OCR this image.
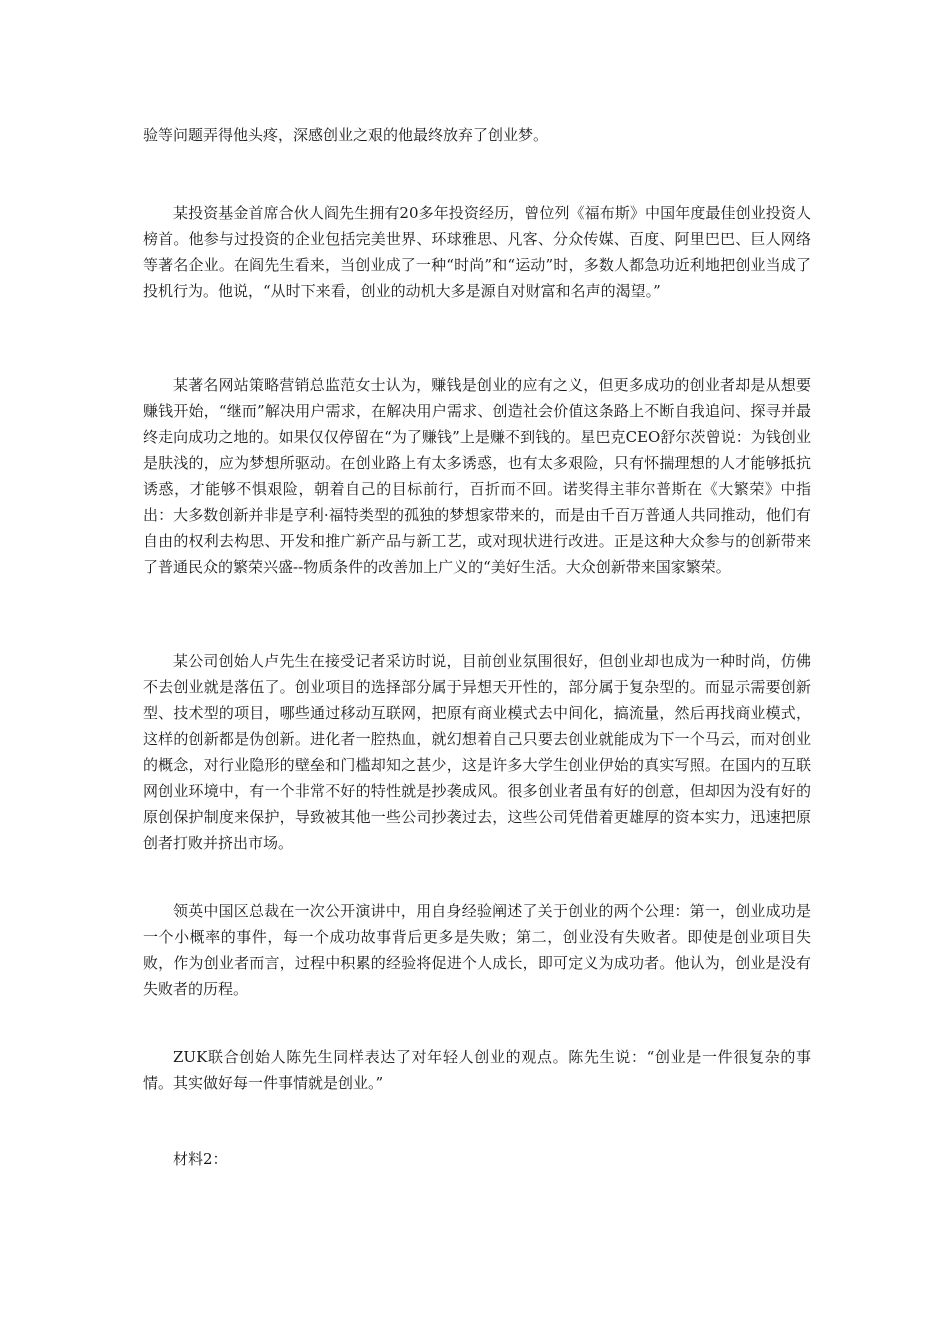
验等问题弄得他头疼，深感创业之艰的他最终放弃了创业梦。

某投资基金首席合伙人阎先生拥有20多年投资经历，曾位列《福布斯》中国年度最佳创业投资人榜首。他参与过投资的企业包括完美世界、环球雅思、凡客、分众传媒、百度、阿里巴巴、巨人网络等著名企业。在阎先生看来，当创业成了一种“时尚”和“运动”时，多数人都急功近利地把创业当成了投机行为。他说，“从时下来看，创业的动机大多是源自对财富和名声的渴望。”

某著名网站策略营销总监范女士认为，赚钱是创业的应有之义，但更多成功的创业者却是从想要赚钱开始，“继而”解决用户需求，在解决用户需求、创造社会价值这条路上不断自我追问、探寻并最终走向成功之地的。如果仅仅停留在“为了赚钱”上是赚不到钱的。星巴克CEO舒尔茨曾说：为钱创业是肤浅的，应为梦想所驱动。在创业路上有太多诱惑，也有太多艰险，只有怀揣理想的人才能够抵抗诱惑，才能够不惧艰险，朝着自己的目标前行，百折而不回。诺奖得主菲尔普斯在《大繁荣》中指出：大多数创新并非是亨利·福特类型的孤独的梦想家带来的，而是由千百万普通人共同推动，他们有自由的权利去构思、开发和推广新产品与新工艺，或对现状进行改进。正是这种大众参与的创新带来了普通民众的繁荣兴盛--物质条件的改善加上广义的“美好生活。大众创新带来国家繁荣。

某公司创始人卢先生在接受记者采访时说，目前创业氛围很好，但创业却也成为一种时尚，仿佛不去创业就是落伍了。创业项目的选择部分属于异想天开性的，部分属于复杂型的。而显示需要创新型、技术型的项目，哪些通过移动互联网，把原有商业模式去中间化，搞流量，然后再找商业模式，这样的创新都是伪创新。进化者一腔热血，就幻想着自己只要去创业就能成为下一个马云，而对创业的概念，对行业隐形的壁垒和门槛却知之甚少，这是许多大学生创业伊始的真实写照。在国内的互联网创业环境中，有一个非常不好的特性就是抄袭成风。很多创业者虽有好的创意，但却因为没有好的原创保护制度来保护，导致被其他一些公司抄袭过去，这些公司凭借着更雄厚的资本实力，迅速把原创者打败并挤出市场。

领英中国区总裁在一次公开演讲中，用自身经验阐述了关于创业的两个公理：第一，创业成功是一个小概率的事件，每一个成功故事背后更多是失败；第二，创业没有失败者。即使是创业项目失败，作为创业者而言，过程中积累的经验将促进个人成长，即可定义为成功者。他认为，创业是没有失败者的历程。

ZUK联合创始人陈先生同样表达了对年轻人创业的观点。陈先生说：“创业是一件很复杂的事情。其实做好每一件事情就是创业。”

材料2：
